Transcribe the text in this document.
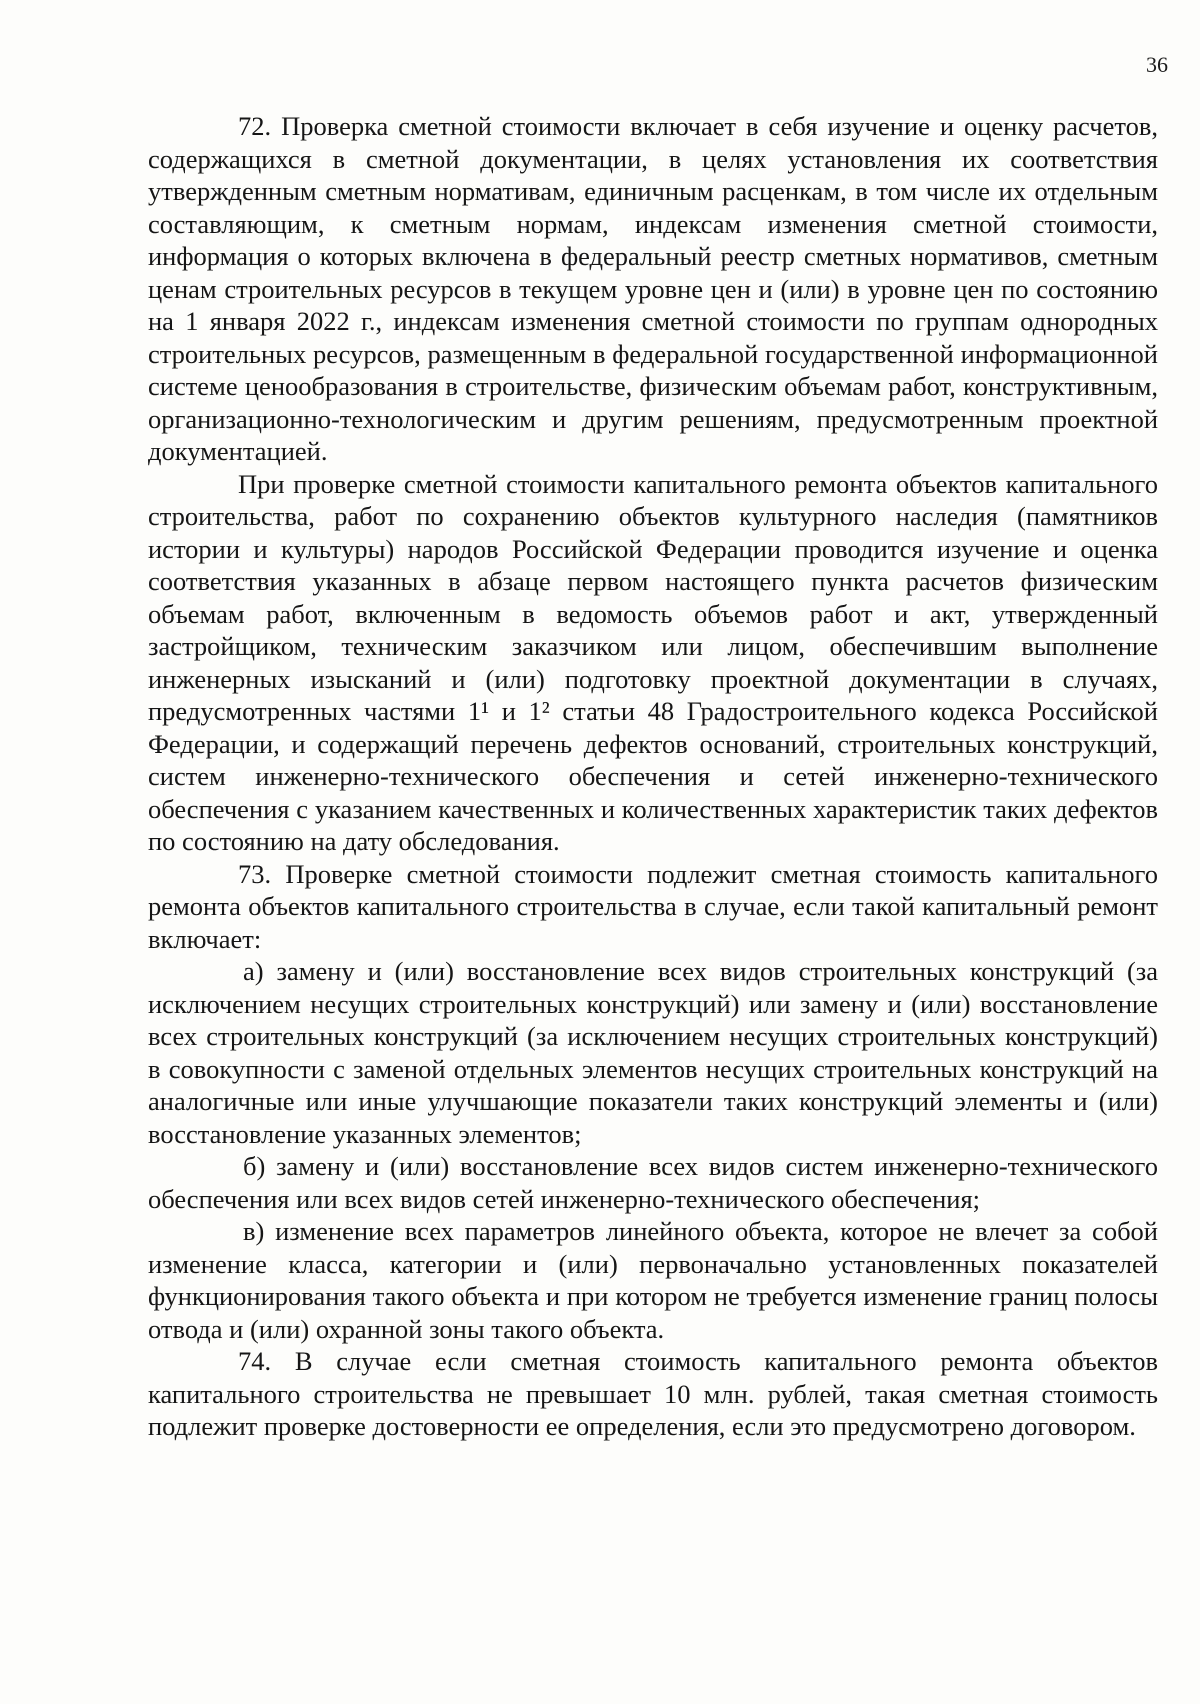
36

72. Проверка сметной стоимости включает в себя изучение и оценку расчетов, содержащихся в сметной документации, в целях установления их соответствия утвержденным сметным нормативам, единичным расценкам, в том числе их отдельным составляющим, к сметным нормам, индексам изменения сметной стоимости, информация о которых включена в федеральный реестр сметных нормативов, сметным ценам строительных ресурсов в текущем уровне цен и (или) в уровне цен по состоянию на 1 января 2022 г., индексам изменения сметной стоимости по группам однородных строительных ресурсов, размещенным в федеральной государственной информационной системе ценообразования в строительстве, физическим объемам работ, конструктивным, организационно-технологическим и другим решениям, предусмотренным проектной документацией.

При проверке сметной стоимости капитального ремонта объектов капитального строительства, работ по сохранению объектов культурного наследия (памятников истории и культуры) народов Российской Федерации проводится изучение и оценка соответствия указанных в абзаце первом настоящего пункта расчетов физическим объемам работ, включенным в ведомость объемов работ и акт, утвержденный застройщиком, техническим заказчиком или лицом, обеспечившим выполнение инженерных изысканий и (или) подготовку проектной документации в случаях, предусмотренных частями 1¹ и 1² статьи 48 Градостроительного кодекса Российской Федерации, и содержащий перечень дефектов оснований, строительных конструкций, систем инженерно-технического обеспечения и сетей инженерно-технического обеспечения с указанием качественных и количественных характеристик таких дефектов по состоянию на дату обследования.

73. Проверке сметной стоимости подлежит сметная стоимость капитального ремонта объектов капитального строительства в случае, если такой капитальный ремонт включает:

а) замену и (или) восстановление всех видов строительных конструкций (за исключением несущих строительных конструкций) или замену и (или) восстановление всех строительных конструкций (за исключением несущих строительных конструкций) в совокупности с заменой отдельных элементов несущих строительных конструкций на аналогичные или иные улучшающие показатели таких конструкций элементы и (или) восстановление указанных элементов;

б) замену и (или) восстановление всех видов систем инженерно-технического обеспечения или всех видов сетей инженерно-технического обеспечения;

в) изменение всех параметров линейного объекта, которое не влечет за собой изменение класса, категории и (или) первоначально установленных показателей функционирования такого объекта и при котором не требуется изменение границ полосы отвода и (или) охранной зоны такого объекта.

74. В случае если сметная стоимость капитального ремонта объектов капитального строительства не превышает 10 млн. рублей, такая сметная стоимость подлежит проверке достоверности ее определения, если это предусмотрено договором.
